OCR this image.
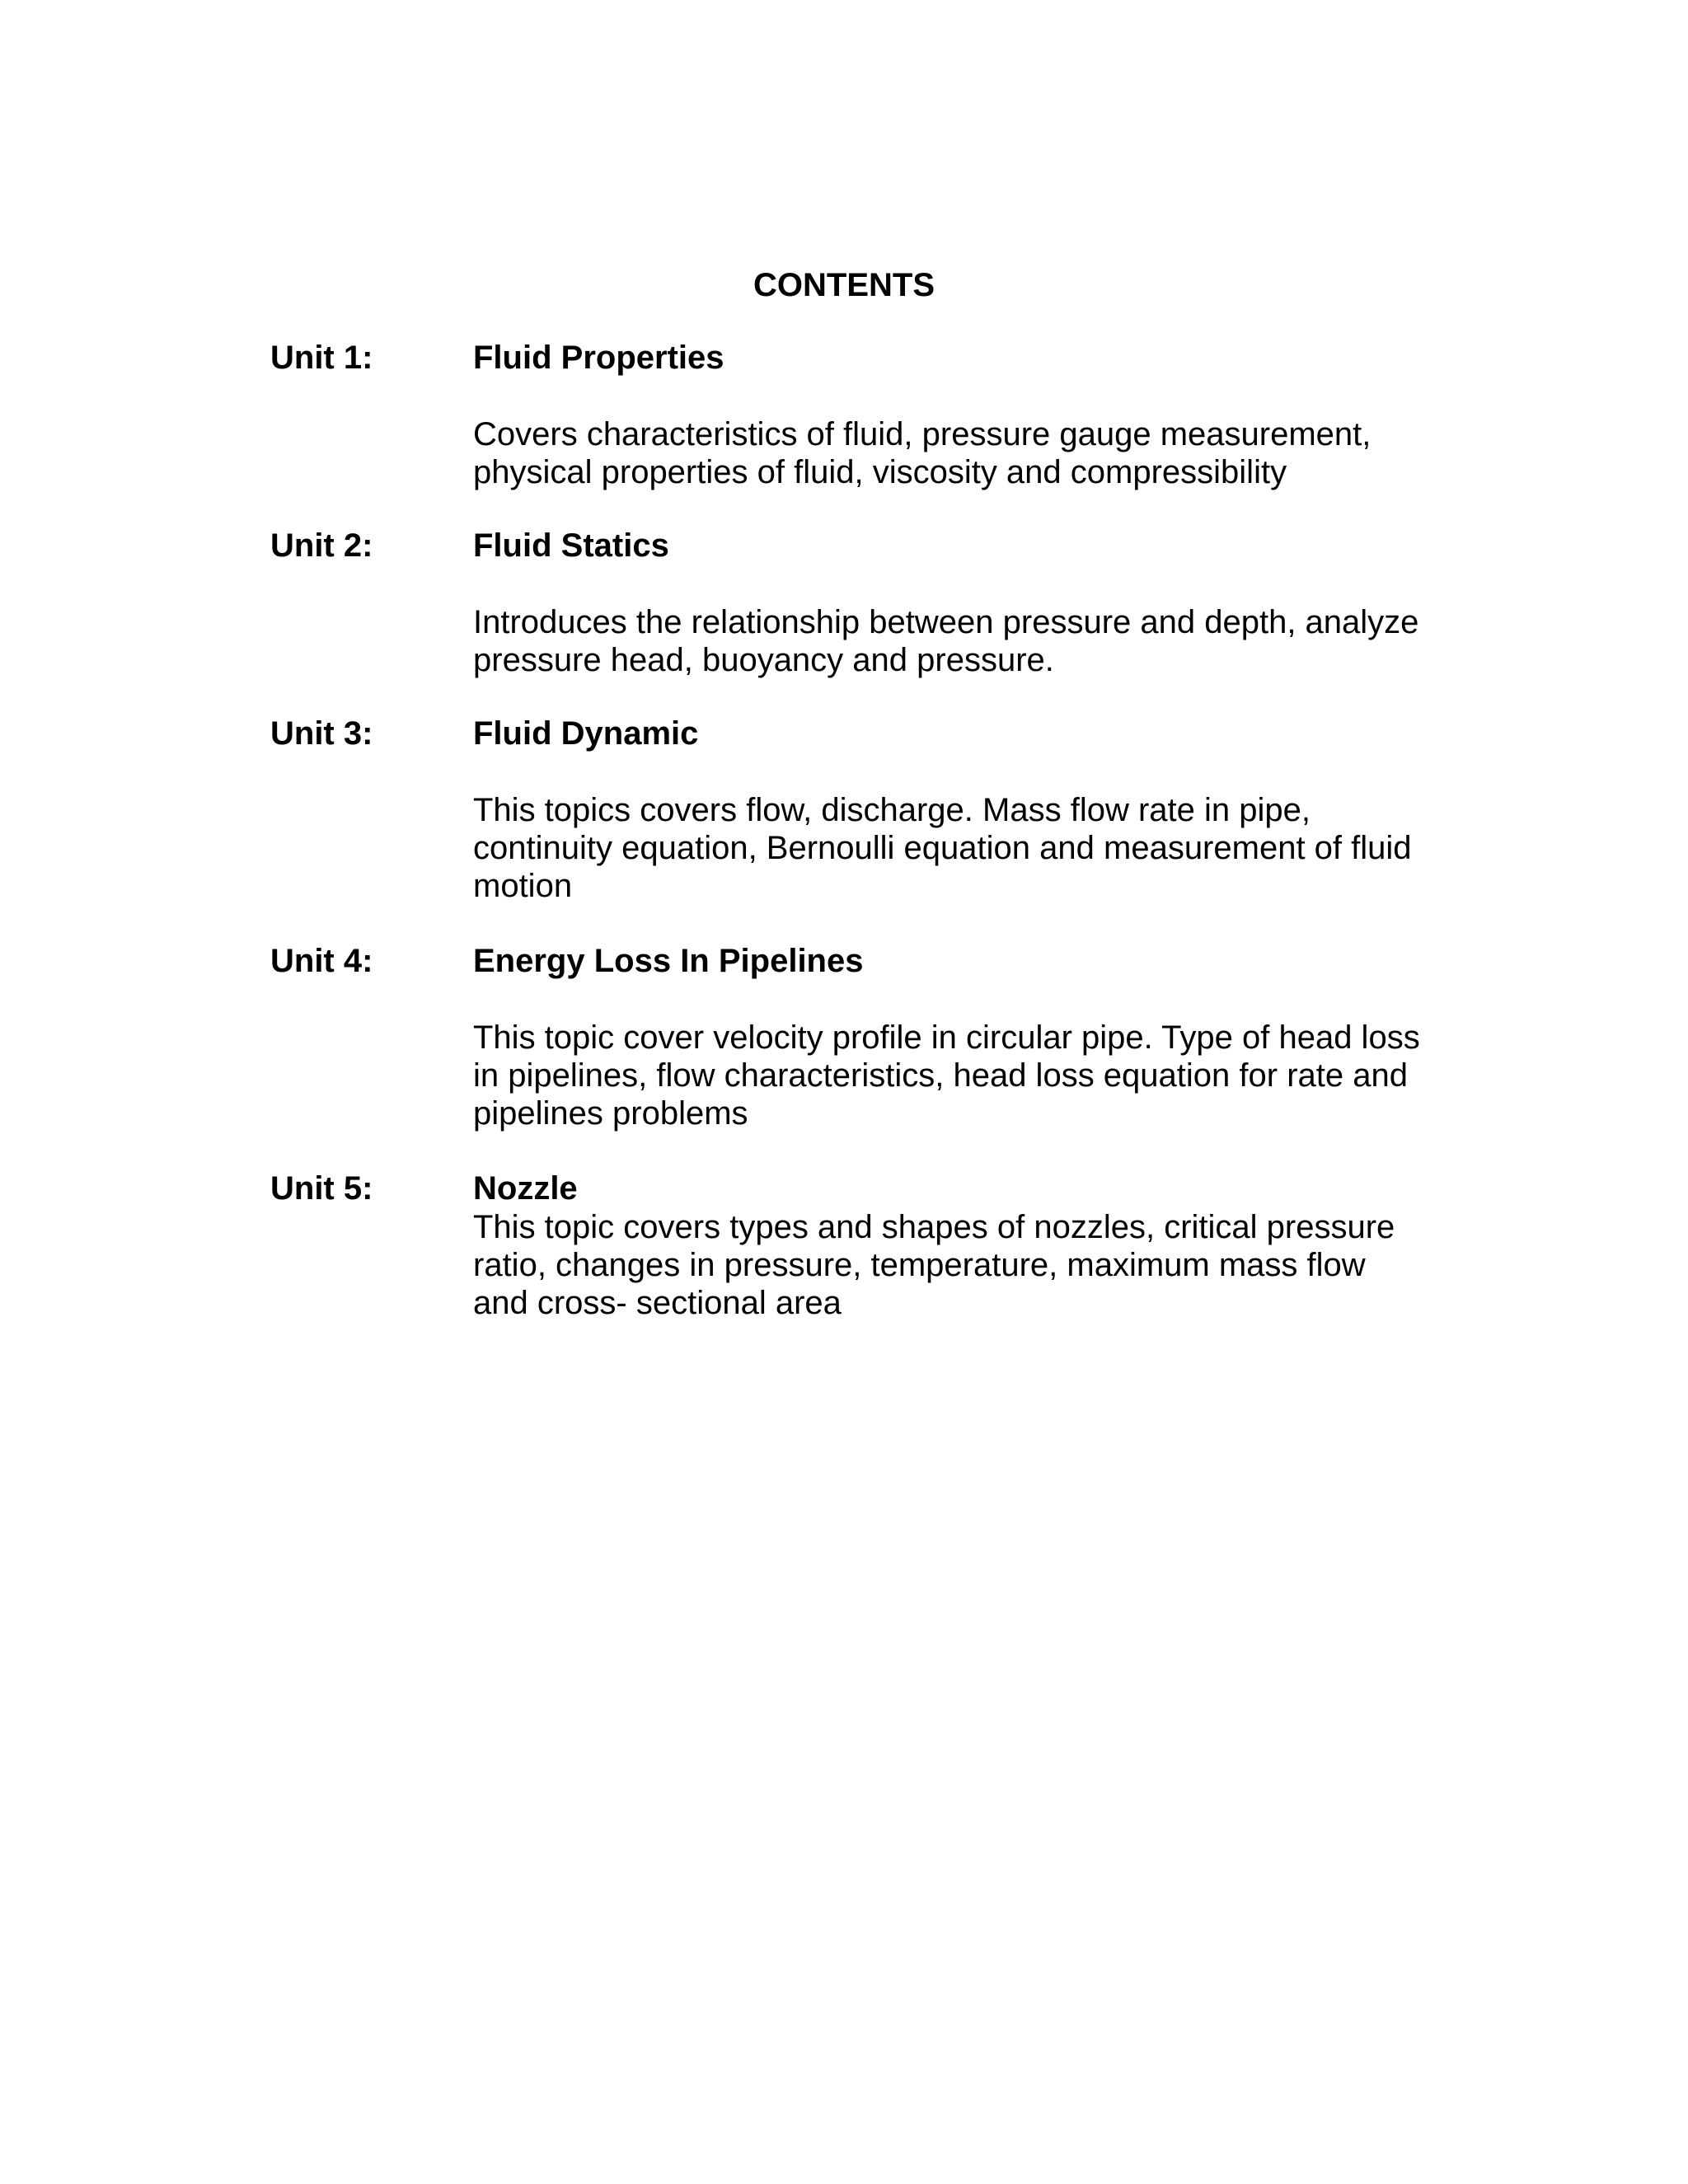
CONTENTS
Unit 1:	Fluid Properties

Covers characteristics of fluid, pressure gauge measurement,

physical properties of fluid, viscosity and compressibility

Unit 2:	Fluid Statics

Introduces the relationship between pressure and depth, analyze

pressure head, buoyancy and pressure.

Unit 3:	Fluid Dynamic

This topics covers flow, discharge. Mass flow rate in pipe,

continuity equation, Bernoulli equation and measurement of fluid

motion

Unit 4:	Energy Loss In Pipelines

This topic cover velocity profile in circular pipe. Type of head loss

in pipelines, flow characteristics, head loss equation for rate and

pipelines problems

Unit 5:	Nozzle

This topic covers types and shapes of nozzles, critical pressure

ratio, changes in pressure, temperature, maximum mass flow

and cross- sectional area
